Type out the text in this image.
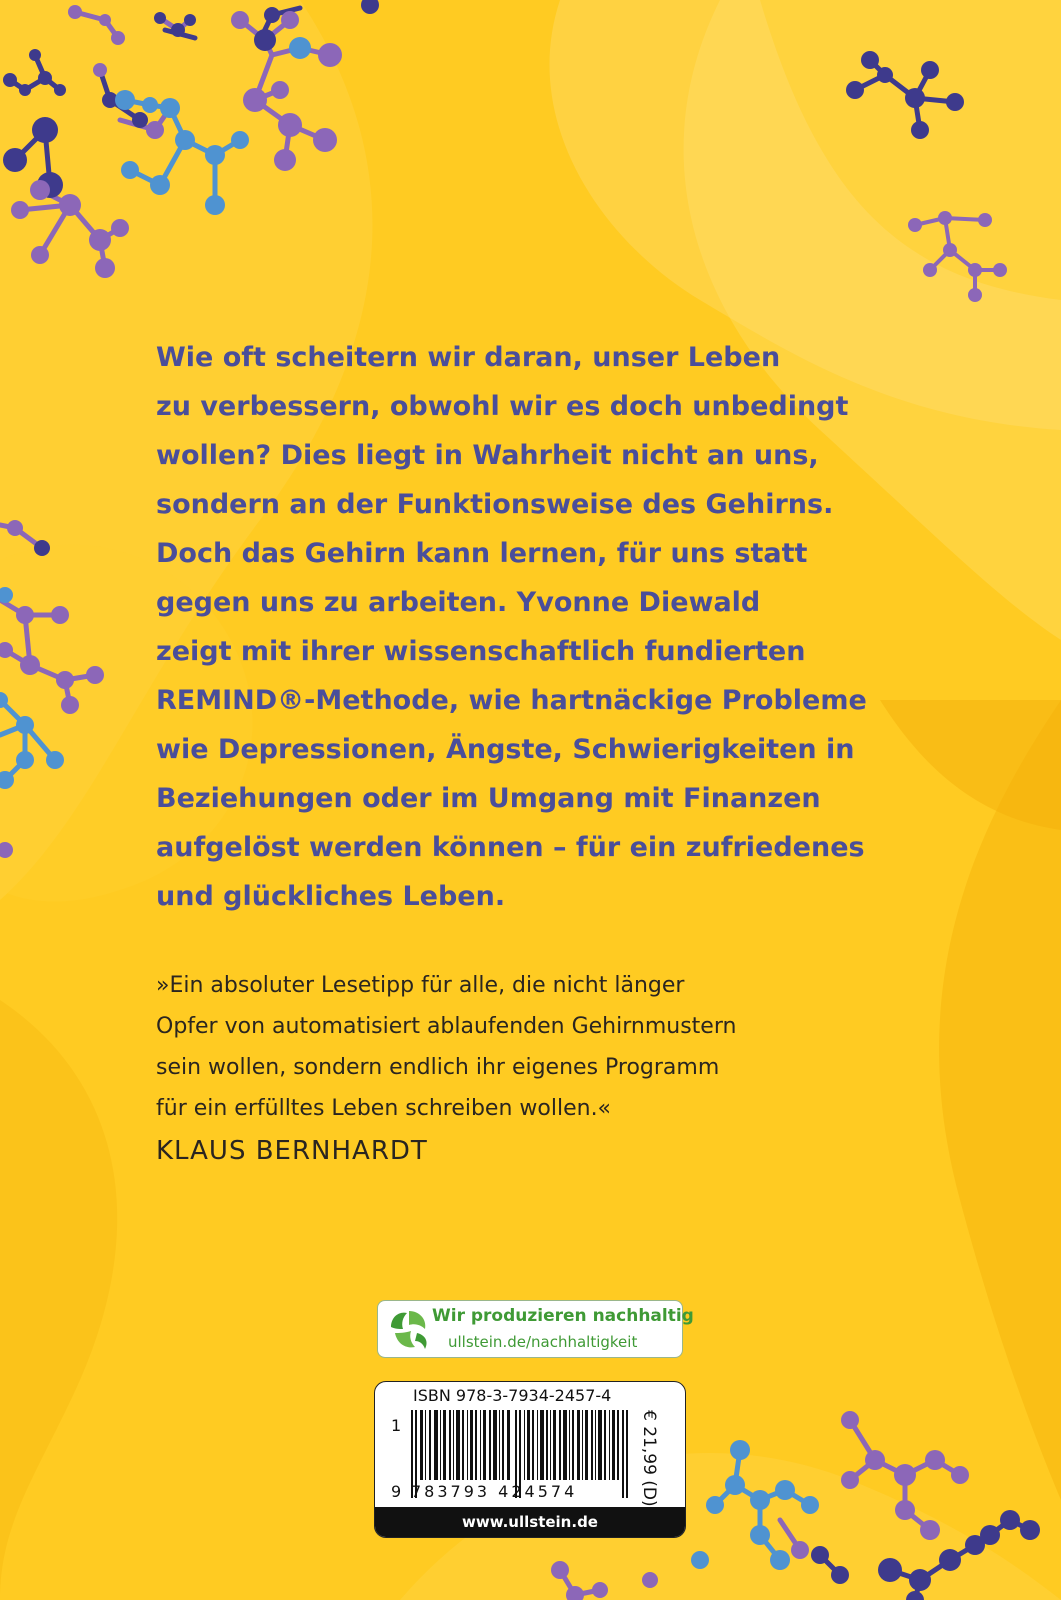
Wie oft scheitern wir daran, unser Leben
zu verbessern, obwohl wir es doch unbedingt
wollen? Dies liegt in Wahrheit nicht an uns,
sondern an der Funktionsweise des Gehirns.
Doch das Gehirn kann lernen, für uns statt
gegen uns zu arbeiten. Yvonne Diewald
zeigt mit ihrer wissenschaftlich fundierten
REMIND®-Methode, wie hartnäckige Probleme
wie Depressionen, Ängste, Schwierigkeiten in
Beziehungen oder im Umgang mit Finanzen
aufgelöst werden können – für ein zufriedenes
und glückliches Leben.
»Ein absoluter Lesetipp für alle, die nicht länger
Opfer von automatisiert ablaufenden Gehirnmustern
sein wollen, sondern endlich ihr eigenes Programm
für ein erfülltes Leben schreiben wollen.«
KLAUS BERNHARDT
Wir produzieren nachhaltig
ullstein.de/nachhaltigkeit
ISBN 978-3-7934-2457-4
1
9 783793 424574	€ 21,99 (D)
www.ullstein.de
